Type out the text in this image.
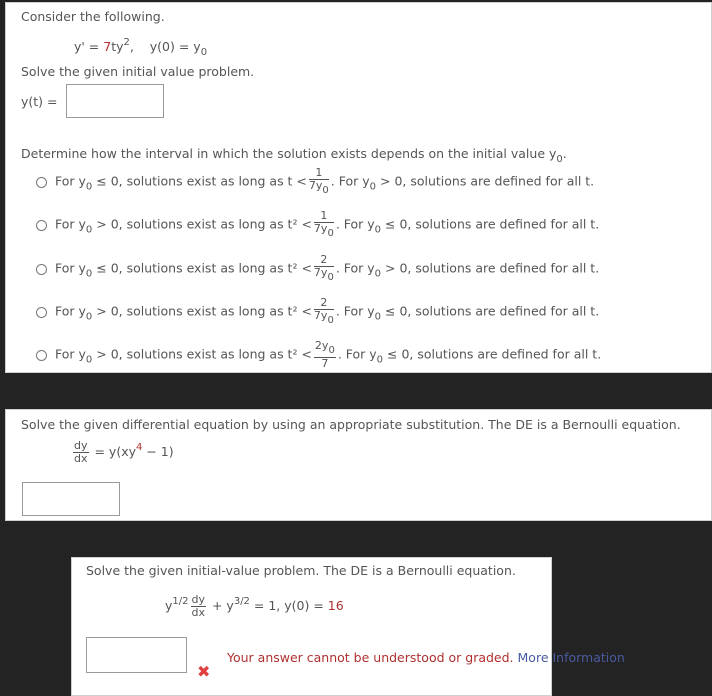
Consider the following.
$y' = 7ty^2$,    $y(0) = y_0$
Solve the given initial value problem.
y(t) =
Determine how the interval in which the solution exists depends on the initial value $y_0$.
For $y_0 \le 0$, solutions exist as long as $t < \frac{1}{7y_0}$ . For $y_0 > 0$, solutions are defined for all t.
For $y_0 > 0$, solutions exist as long as $t^2 < \frac{1}{7y_0}$ . For $y_0 \le 0$, solutions are defined for all t.
For $y_0 \le 0$, solutions exist as long as $t^2 < \frac{2}{7y_0}$ . For $y_0 > 0$, solutions are defined for all t.
For $y_0 > 0$, solutions exist as long as $t^2 < \frac{2}{7y_0}$ . For $y_0 \le 0$, solutions are defined for all t.
For $y_0 > 0$, solutions exist as long as $t^2 < \frac{2y_0}{7}$ . For $y_0 \le 0$, solutions are defined for all t.
Solve the given differential equation by using an appropriate substitution. The DE is a Bernoulli equation.
$\frac{dy}{dx} = y(xy^4 - 1)$
Solve the given initial-value problem. The DE is a Bernoulli equation.
$y^{1/2} \frac{dy}{dx} + y^{3/2} = 1$, y(0) = 16
✖
Your answer cannot be understood or graded. More Information
